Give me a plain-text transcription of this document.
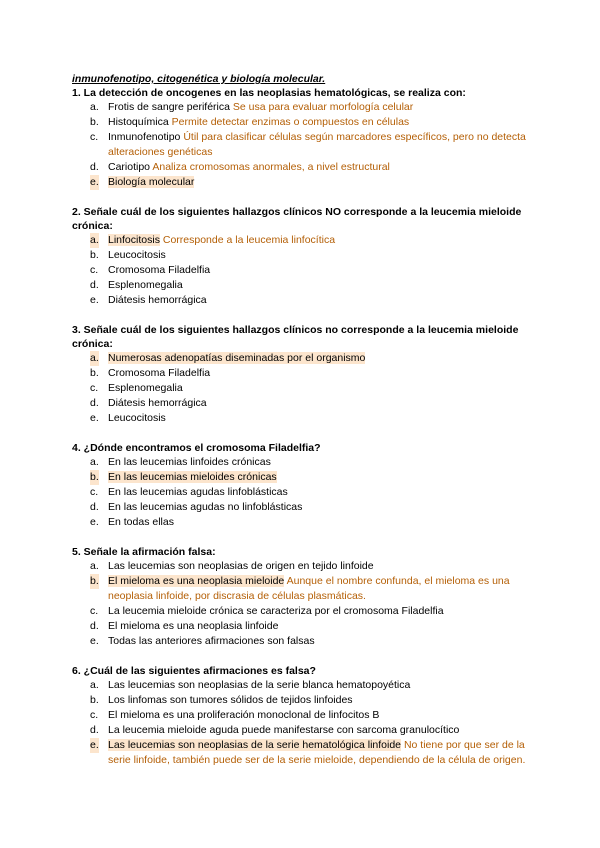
inmunofenotipo, citogenética y biología molecular.

1. La detección de oncogenes en las neoplasias hematológicas, se realiza con:

a. Frotis de sangre periférica Se usa para evaluar morfología celular
b. Histoquímica Permite detectar enzimas o compuestos en células
c. Inmunofenotipo Útil para clasificar células según marcadores específicos, pero no detecta alteraciones genéticas
d. Cariotipo Analiza cromosomas anormales, a nivel estructural
e. Biología molecular

2. Señale cuál de los siguientes hallazgos clínicos NO corresponde a la leucemia mieloide crónica:

a. Linfocitosis Corresponde a la leucemia linfocítica
b. Leucocitosis
c. Cromosoma Filadelfia
d. Esplenomegalia
e. Diátesis hemorrágica

3. Señale cuál de los siguientes hallazgos clínicos no corresponde a la leucemia mieloide crónica:

a. Numerosas adenopatías diseminadas por el organismo
b. Cromosoma Filadelfia
c. Esplenomegalia
d. Diátesis hemorrágica
e. Leucocitosis

4. ¿Dónde encontramos el cromosoma Filadelfia?

a. En las leucemias linfoides crónicas
b. En las leucemias mieloides crónicas
c. En las leucemias agudas linfoblásticas
d. En las leucemias agudas no linfoblásticas
e. En todas ellas

5. Señale la afirmación falsa:

a. Las leucemias son neoplasias de origen en tejido linfoide
b. El mieloma es una neoplasia mieloide Aunque el nombre confunda, el mieloma es una neoplasia linfoide, por discrasia de células plasmáticas.
c. La leucemia mieloide crónica se caracteriza por el cromosoma Filadelfia
d. El mieloma es una neoplasia linfoide
e. Todas las anteriores afirmaciones son falsas

6. ¿Cuál de las siguientes afirmaciones es falsa?

a. Las leucemias son neoplasias de la serie blanca hematopoyética
b. Los linfomas son tumores sólidos de tejidos linfoides
c. El mieloma es una proliferación monoclonal de linfocitos B
d. La leucemia mieloide aguda puede manifestarse con sarcoma granulocítico
e. Las leucemias son neoplasias de la serie hematológica linfoide No tiene por que ser de la serie linfoide, también puede ser de la serie mieloide, dependiendo de la célula de origen.
